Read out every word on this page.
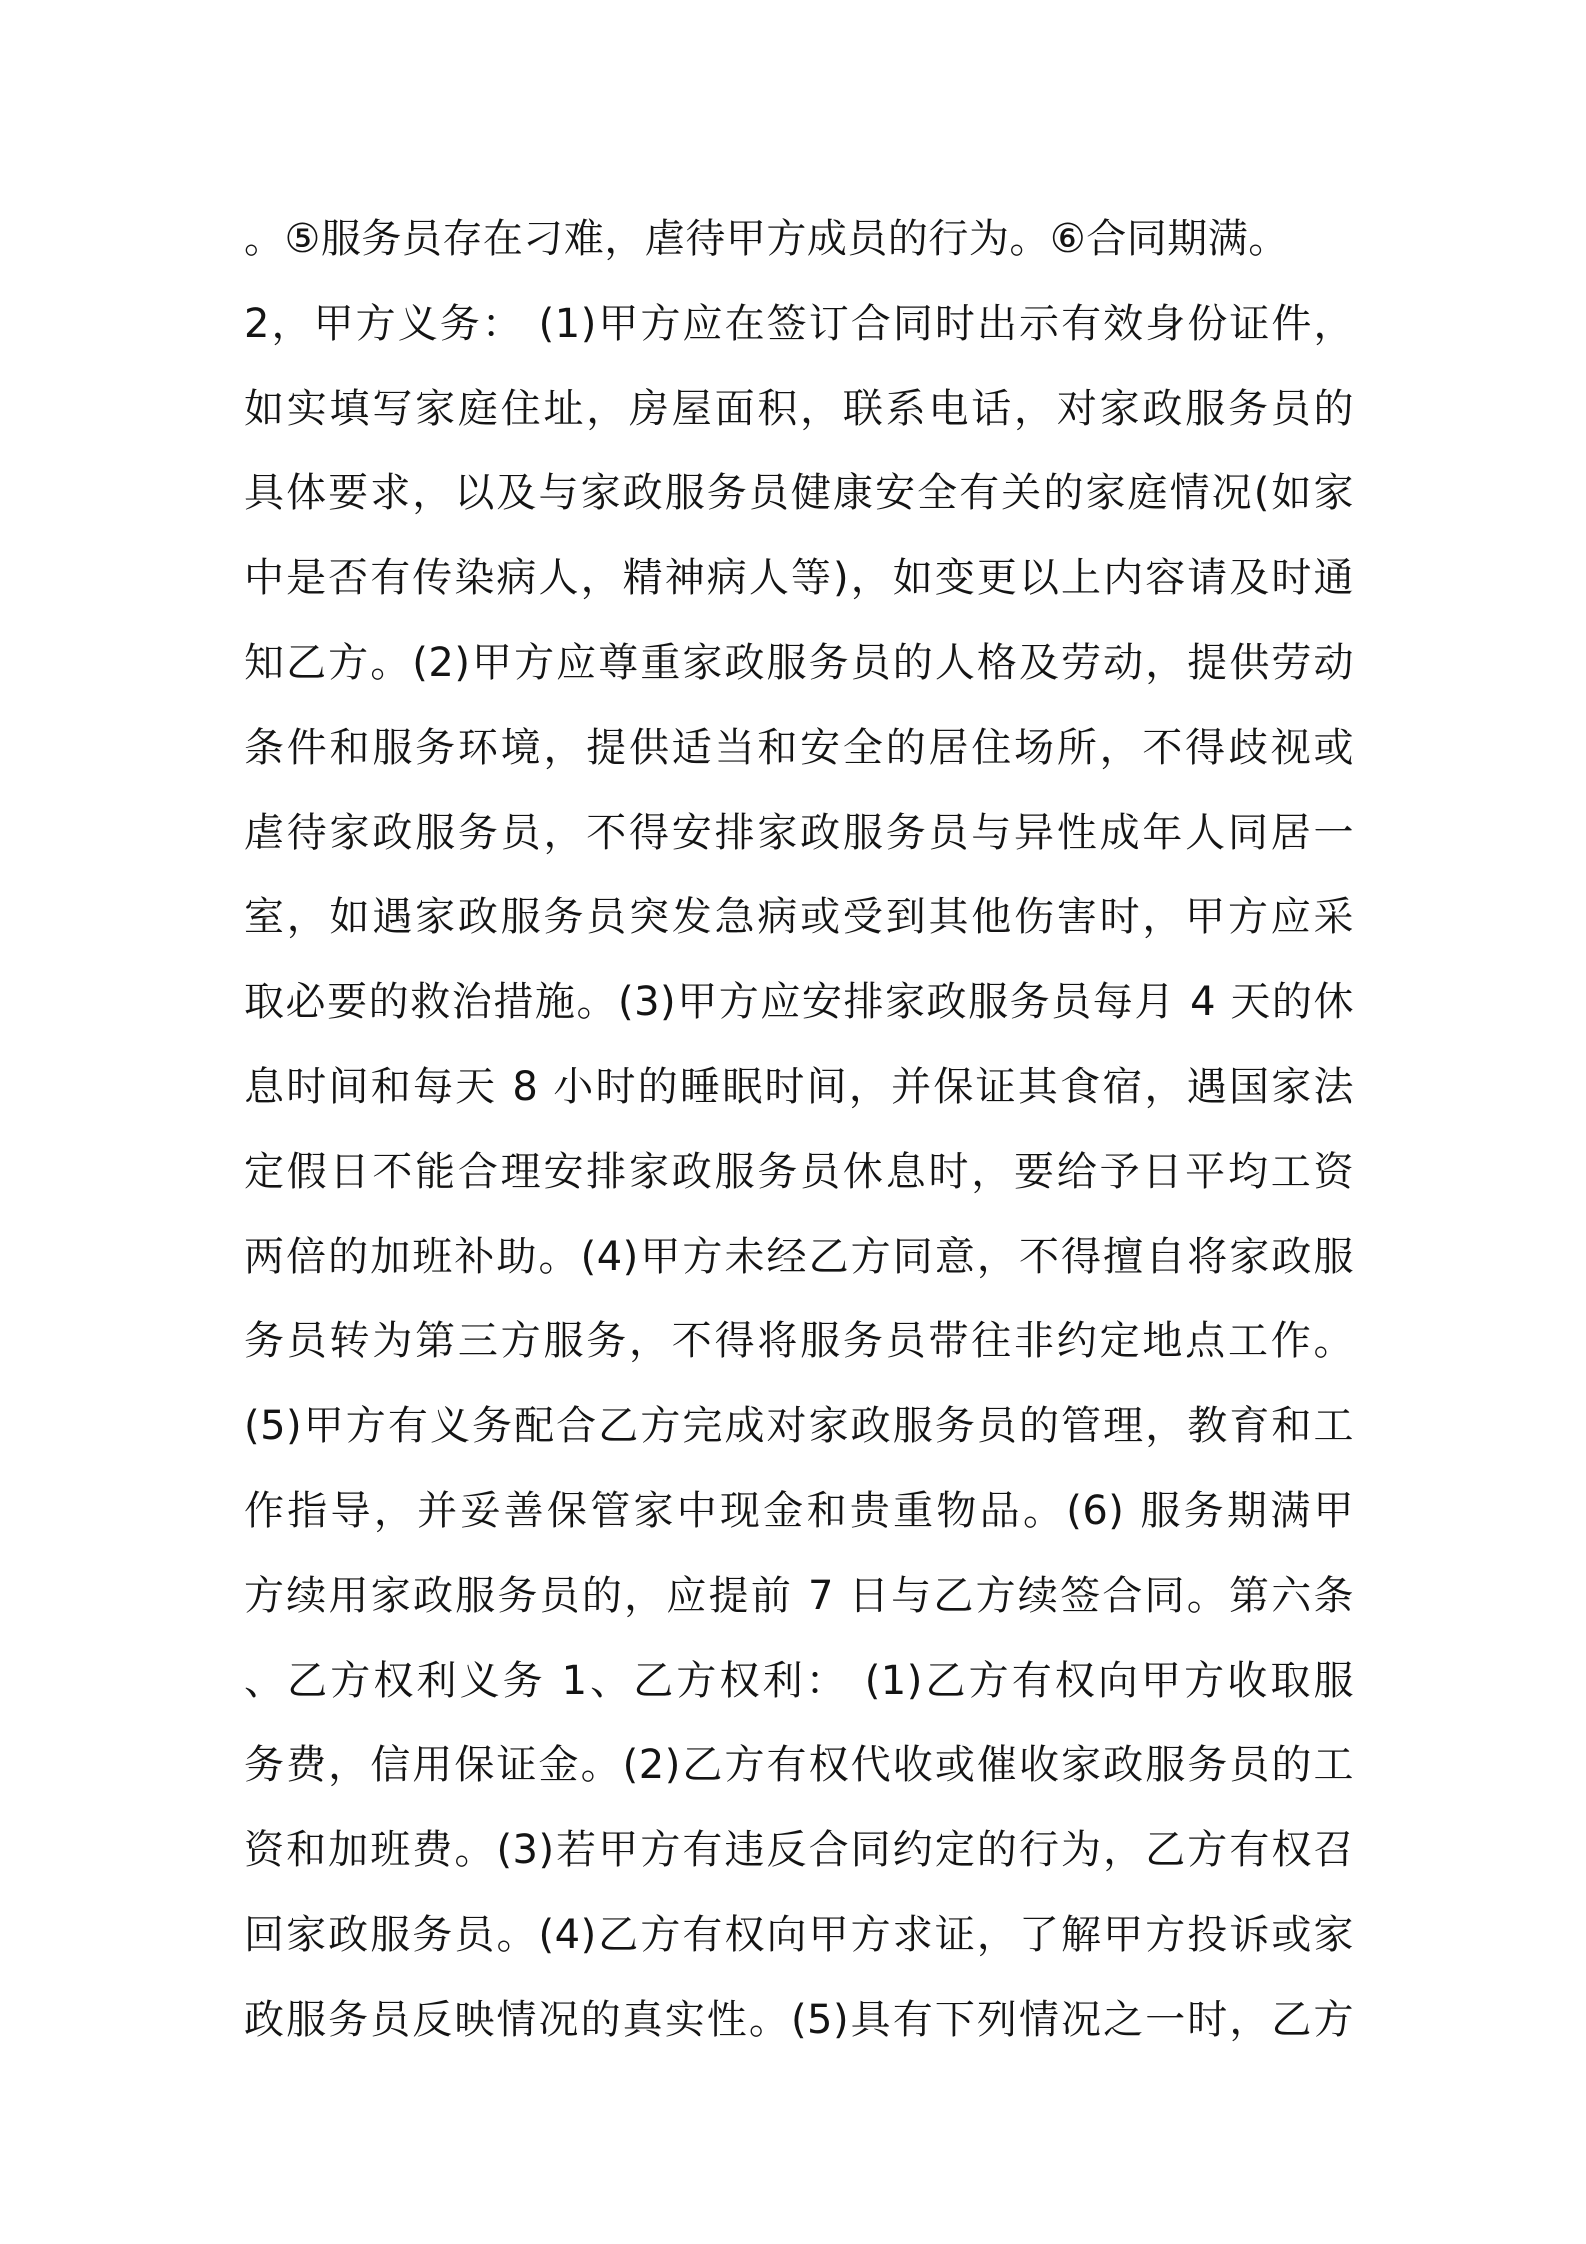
。⑤服务员存在刁难，虐待甲方成员的行为。⑥合同期满。
2，甲方义务： (1)甲方应在签订合同时出示有效身份证件，
如实填写家庭住址，房屋面积，联系电话，对家政服务员的
具体要求，以及与家政服务员健康安全有关的家庭情况(如家
中是否有传染病人，精神病人等)，如变更以上内容请及时通
知乙方。(2)甲方应尊重家政服务员的人格及劳动，提供劳动
条件和服务环境，提供适当和安全的居住场所，不得歧视或
虐待家政服务员，不得安排家政服务员与异性成年人同居一
室，如遇家政服务员突发急病或受到其他伤害时，甲方应采
取必要的救治措施。(3)甲方应安排家政服务员每月 4 天的休
息时间和每天 8 小时的睡眠时间，并保证其食宿，遇国家法
定假日不能合理安排家政服务员休息时，要给予日平均工资
两倍的加班补助。(4)甲方未经乙方同意，不得擅自将家政服
务员转为第三方服务，不得将服务员带往非约定地点工作。
(5)甲方有义务配合乙方完成对家政服务员的管理，教育和工
作指导，并妥善保管家中现金和贵重物品。(6) 服务期满甲
方续用家政服务员的，应提前 7 日与乙方续签合同。第六条
、乙方权利义务 1、乙方权利： (1)乙方有权向甲方收取服
务费，信用保证金。(2)乙方有权代收或催收家政服务员的工
资和加班费。(3)若甲方有违反合同约定的行为，乙方有权召
回家政服务员。(4)乙方有权向甲方求证，了解甲方投诉或家
政服务员反映情况的真实性。(5)具有下列情况之一时，乙方
